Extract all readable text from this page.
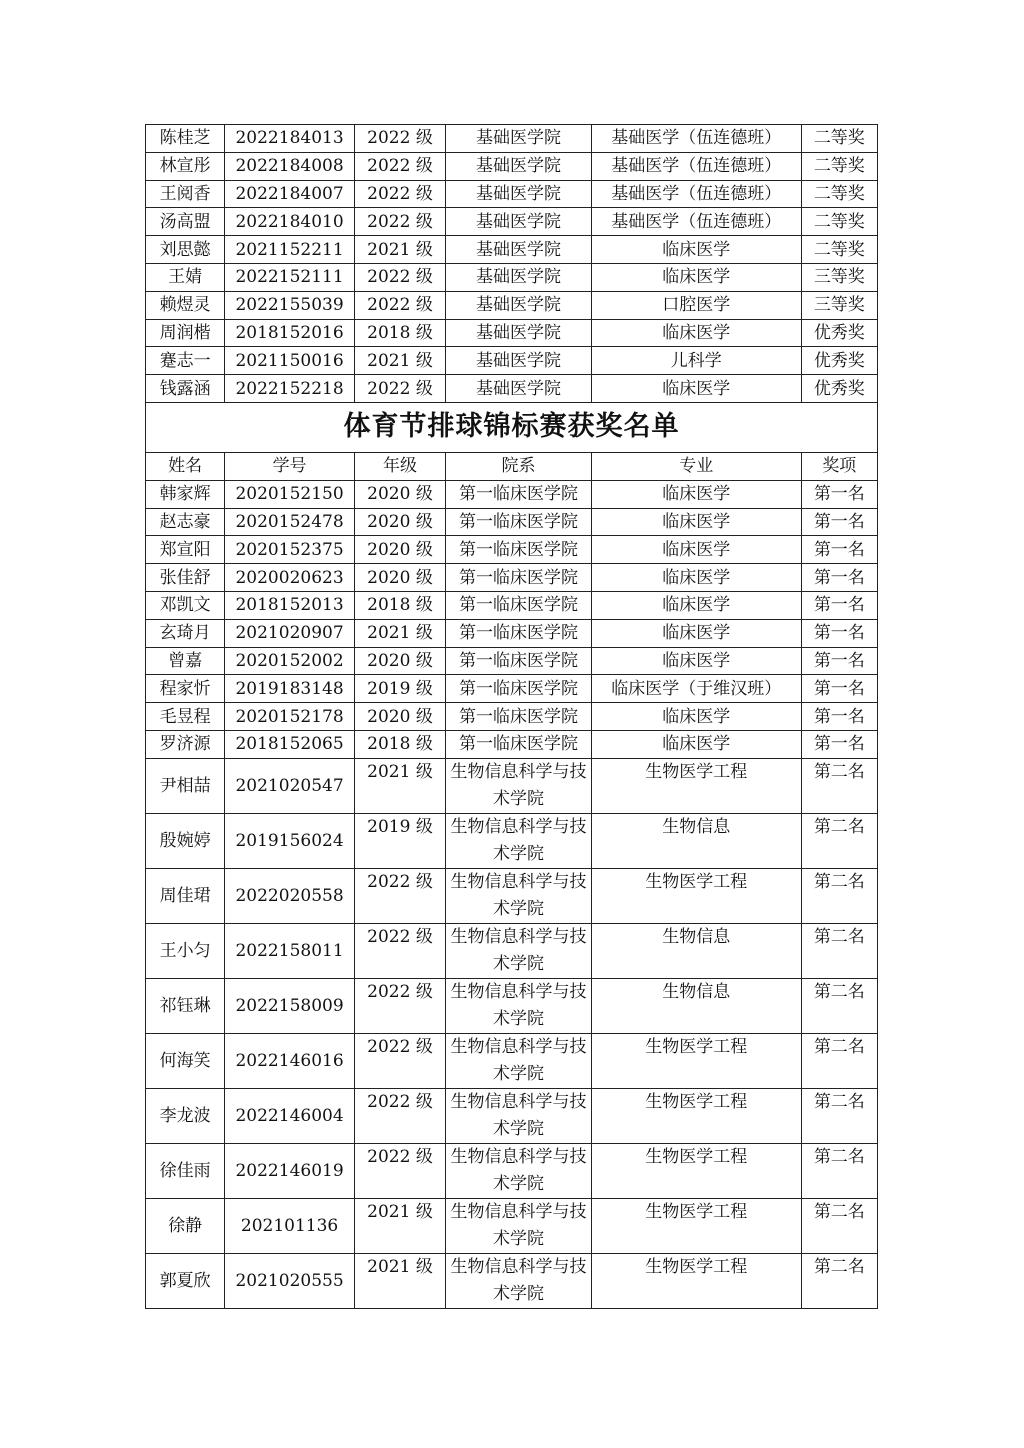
陈桂芝	2022184013	2022 级	基础医学院	基础医学（伍连德班）	二等奖
林宣彤	2022184008	2022 级	基础医学院	基础医学（伍连德班）	二等奖
王阅香	2022184007	2022 级	基础医学院	基础医学（伍连德班）	二等奖
汤高盟	2022184010	2022 级	基础医学院	基础医学（伍连德班）	二等奖
刘思懿	2021152211	2021 级	基础医学院	临床医学	二等奖
王婧	2022152111	2022 级	基础医学院	临床医学	三等奖
赖煜灵	2022155039	2022 级	基础医学院	口腔医学	三等奖
周润楷	2018152016	2018 级	基础医学院	临床医学	优秀奖
蹇志一	2021150016	2021 级	基础医学院	儿科学	优秀奖
钱露涵	2022152218	2022 级	基础医学院	临床医学	优秀奖
体育节排球锦标赛获奖名单					
姓名	学号	年级	院系	专业	奖项
韩家辉	2020152150	2020 级	第一临床医学院	临床医学	第一名
赵志豪	2020152478	2020 级	第一临床医学院	临床医学	第一名
郑宣阳	2020152375	2020 级	第一临床医学院	临床医学	第一名
张佳舒	2020020623	2020 级	第一临床医学院	临床医学	第一名
邓凯文	2018152013	2018 级	第一临床医学院	临床医学	第一名
玄琦月	2021020907	2021 级	第一临床医学院	临床医学	第一名
曾嘉	2020152002	2020 级	第一临床医学院	临床医学	第一名
程家忻	2019183148	2019 级	第一临床医学院	临床医学（于维汉班）	第一名
毛昱程	2020152178	2020 级	第一临床医学院	临床医学	第一名
罗济源	2018152065	2018 级	第一临床医学院	临床医学	第一名
尹相喆	2021020547	2021 级	生物信息科学与技术学院	生物医学工程	第二名
殷婉婷	2019156024	2019 级	生物信息科学与技术学院	生物信息	第二名
周佳珺	2022020558	2022 级	生物信息科学与技术学院	生物医学工程	第二名
王小匀	2022158011	2022 级	生物信息科学与技术学院	生物信息	第二名
祁钰琳	2022158009	2022 级	生物信息科学与技术学院	生物信息	第二名
何海笑	2022146016	2022 级	生物信息科学与技术学院	生物医学工程	第二名
李龙波	2022146004	2022 级	生物信息科学与技术学院	生物医学工程	第二名
徐佳雨	2022146019	2022 级	生物信息科学与技术学院	生物医学工程	第二名
徐静	202101136	2021 级	生物信息科学与技术学院	生物医学工程	第二名
郭夏欣	2021020555	2021 级	生物信息科学与技术学院	生物医学工程	第二名
